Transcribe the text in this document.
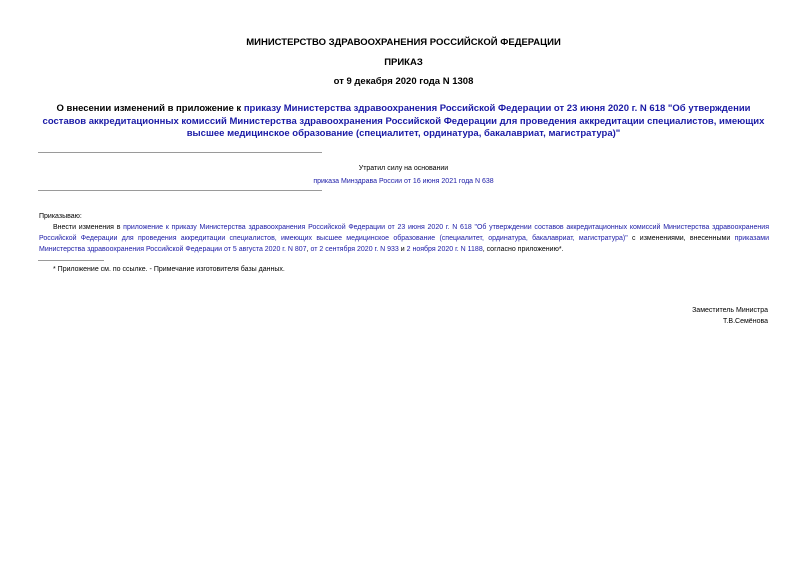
МИНИСТЕРСТВО ЗДРАВООХРАНЕНИЯ РОССИЙСКОЙ ФЕДЕРАЦИИ
ПРИКАЗ
от 9 декабря 2020 года N 1308
О внесении изменений в приложение к приказу Министерства здравоохранения Российской Федерации от 23 июня 2020 г. N 618 "Об утверждении составов аккредитационных комиссий Министерства здравоохранения Российской Федерации для проведения аккредитации специалистов, имеющих высшее медицинское образование (специалитет, ординатура, бакалавриат, магистратура)"
Утратил силу на основании
приказа Минздрава России от 16 июня 2021 года N 638
Приказываю:
Внести изменения в приложение к приказу Министерства здравоохранения Российской Федерации от 23 июня 2020 г. N 618 "Об утверждении составов аккредитационных комиссий Министерства здравоохранения Российской Федерации для проведения аккредитации специалистов, имеющих высшее медицинское образование (специалитет, ординатура, бакалавриат, магистратура)" с изменениями, внесенными приказами Министерства здравоохранения Российской Федерации от 5 августа 2020 г. N 807, от 2 сентября 2020 г. N 933 и 2 ноября 2020 г. N 1188, согласно приложению*.
* Приложение см. по ссылке. - Примечание изготовителя базы данных.
Заместитель Министра
Т.В.Семёнова
